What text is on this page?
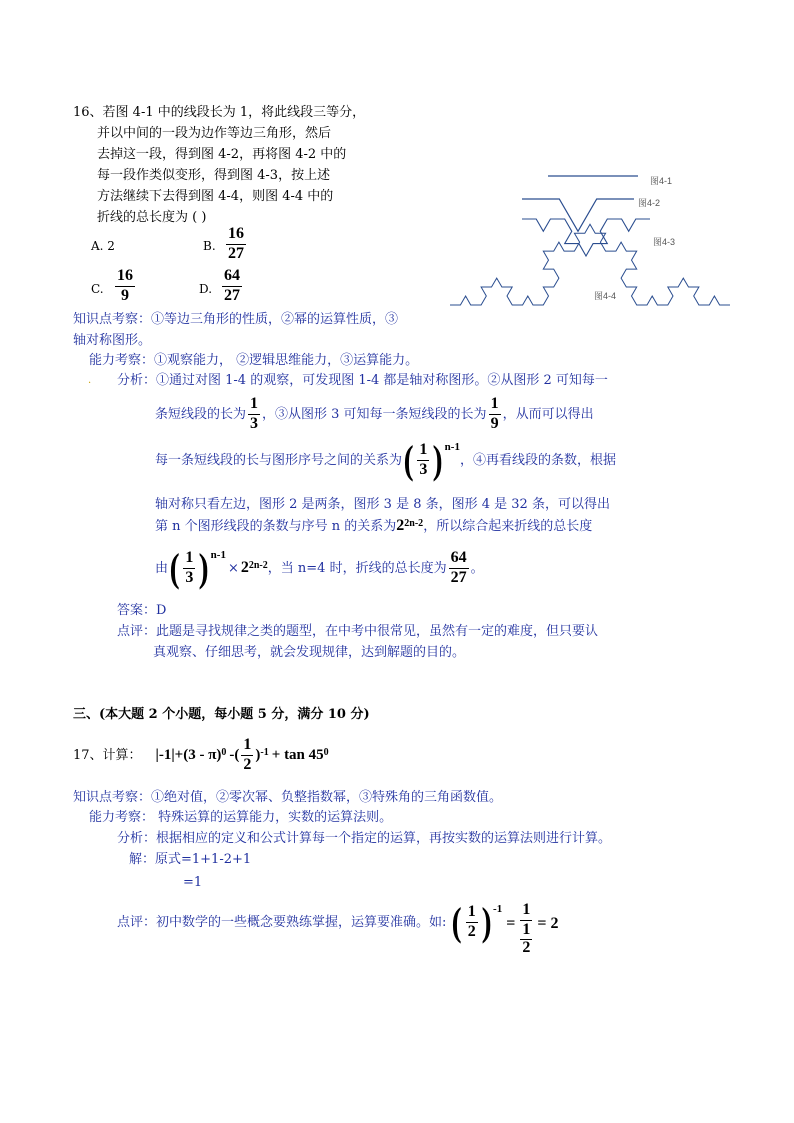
16、若图 4-1 中的线段长为 1，将此线段三等分，
并以中间的一段为边作等边三角形，然后
去掉这一段，得到图 4-2，再将图 4-2 中的
每一段作类似变形，得到图 4-3，按上述
方法继续下去得到图 4-4，则图 4-4 中的
折线的总长度为 ( )
A. 2	B. $\frac{16}{27}$
C. $\frac{16}{9}$	D. $\frac{64}{27}$
图4-1
图4-2
图4-3
图4-4
知识点考察：①等边三角形的性质，②幂的运算性质，③
轴对称图形。
能力考察：①观察能力， ②逻辑思维能力，③运算能力。
. 分析：①通过对图 1-4 的观察，可发现图 1-4 都是轴对称图形。②从图形 2 可知每一
条短线段的长为 $\frac{1}{3}$ ，③从图形 3 可知每一条短线段的长为 $\frac{1}{9}$ ，从而可以得出
每一条短线段的长与图形序号之间的关系为 ( $\frac{1}{3}$ ) n-1
，④再看线段的条数，根据
轴对称只看左边，图形 2 是两条，图形 3 是 8 条，图形 4 是 32 条，可以得出
第 n 个图形线段的条数与序号 n 的关系为 $2^{2n-2}$ ，所以综合起来折线的总长度
由 ( $\frac{1}{3}$ ) n-1
× $2^{2n-2}$ ，当 n=4 时，折线的总长度为 $\frac{64}{27}$ 。
答案：D
点评：此题是寻找规律之类的题型，在中考中很常见，虽然有一定的难度，但只要认
真观察、仔细思考，就会发现规律，达到解题的目的。
三、(本大题 2 个小题，每小题 5 分，满分 10 分)
17、计算： |-1| + (3 - π)$^0$ -( $\frac{1}{2} )^{-1} + \tan 45^0$
知识点考察：①绝对值，②零次幂、负整指数幂，③特殊角的三角函数值。
能力考察： 特殊运算的运算能力，实数的运算法则。
分析：根据相应的定义和公式计算每一个指定的运算，再按实数的运算法则进行计算。
解：原式=1+1-2+1
=1
点评：初中数学的一些概念要熟练掌握，运算要准确。如: ( $\frac{1}{2}$ ) -1
= $\frac{1}{\frac{1}{2}} = 2$
